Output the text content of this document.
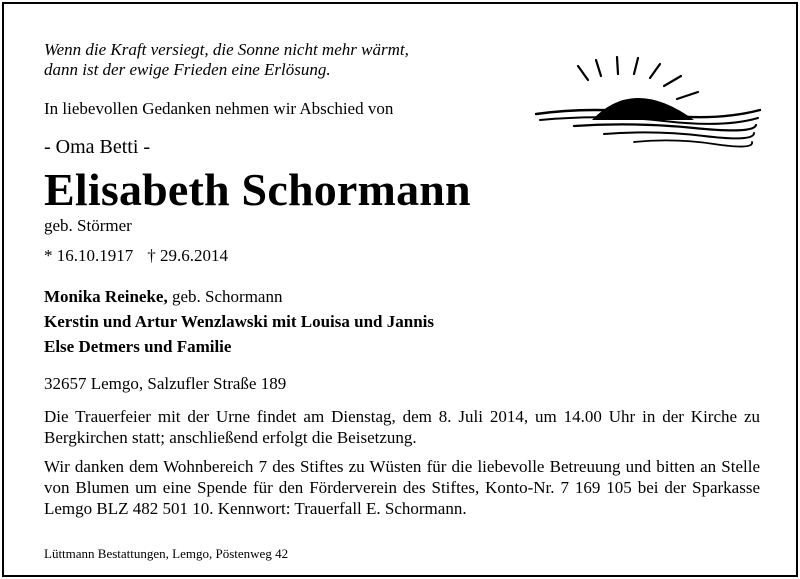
Wenn die Kraft versiegt, die Sonne nicht mehr wärmt,
dann ist der ewige Frieden eine Erlösung.
In liebevollen Gedanken nehmen wir Abschied von
- Oma Betti -
Elisabeth Schormann
geb. Störmer
* 16.10.1917 † 29.6.2014
Monika Reineke, geb. Schormann
Kerstin und Artur Wenzlawski mit Louisa und Jannis
Else Detmers und Familie
32657 Lemgo, Salzufler Straße 189
Die Trauerfeier mit der Urne findet am Dienstag, dem 8. Juli 2014, um 14.00 Uhr in der Kirche zu Bergkirchen statt; anschließend erfolgt die Beisetzung.
Wir danken dem Wohnbereich 7 des Stiftes zu Wüsten für die liebevolle Betreuung und bitten an Stelle von Blumen um eine Spende für den Förderverein des Stiftes, Konto-Nr. 7 169 105 bei der Sparkasse Lemgo BLZ 482 501 10. Kennwort: Trauerfall E. Schormann.
Lüttmann Bestattungen, Lemgo, Pöstenweg 42
